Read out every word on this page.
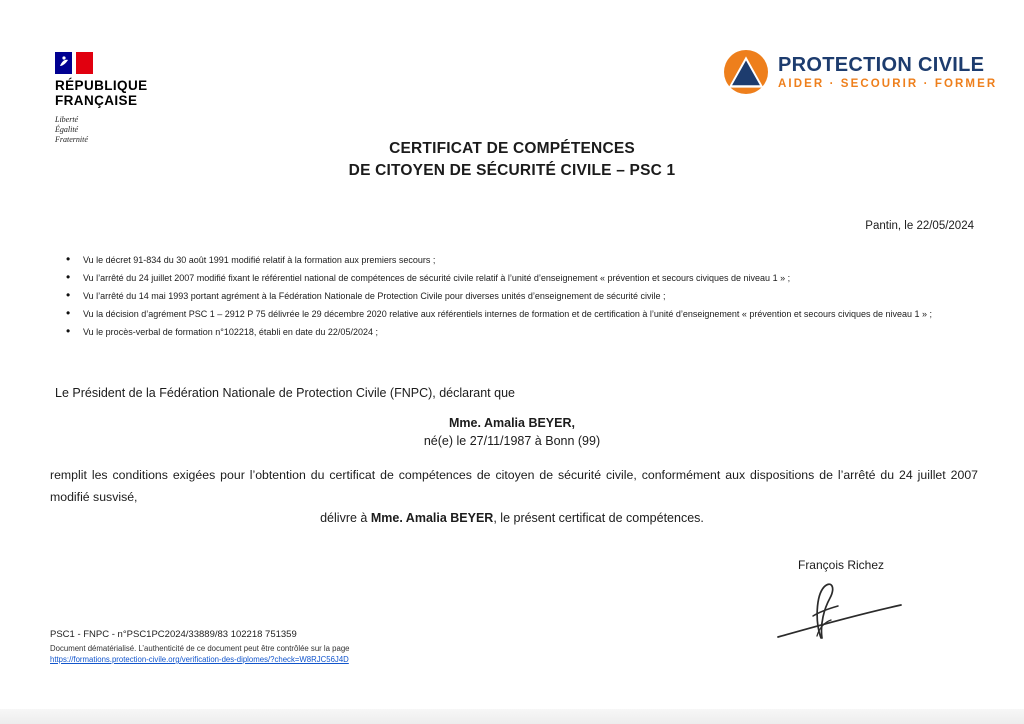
RÉPUBLIQUE
FRANÇAISE
Liberté
Égalité
Fraternité
PROTECTION CIVILE
AIDER · SECOURIR · FORMER
CERTIFICAT DE COMPÉTENCES
DE CITOYEN DE SÉCURITÉ CIVILE – PSC 1
Pantin, le 22/05/2024
• Vu le décret 91-834 du 30 août 1991 modifié relatif à la formation aux premiers secours ;
• Vu l’arrêté du 24 juillet 2007 modifié fixant le référentiel national de compétences de sécurité civile relatif à l’unité d’enseignement « prévention et secours civiques de niveau 1 » ;
• Vu l’arrêté du 14 mai 1993 portant agrément à la Fédération Nationale de Protection Civile pour diverses unités d’enseignement de sécurité civile ;
• Vu la décision d’agrément PSC 1 – 2912 P 75 délivrée le 29 décembre 2020 relative aux référentiels internes de formation et de certification à l’unité d’enseignement « prévention et secours civiques de niveau 1 » ;
• Vu le procès-verbal de formation n°102218, établi en date du 22/05/2024 ;
Le Président de la Fédération Nationale de Protection Civile (FNPC), déclarant que
Mme. Amalia BEYER,
né(e) le 27/11/1987 à Bonn (99)
remplit les conditions exigées pour l’obtention du certificat de compétences de citoyen de sécurité civile, conformément aux dispositions de l’arrêté du 24 juillet 2007 modifié susvisé,
délivre à Mme. Amalia BEYER, le présent certificat de compétences.
François Richez
PSC1 - FNPC - n°PSC1PC2024/33889/83 102218 751359
Document dématérialisé. L’authenticité de ce document peut être contrôlée sur la page
https://formations.protection-civile.org/verification-des-diplomes/?check=W8RJC56J4D
